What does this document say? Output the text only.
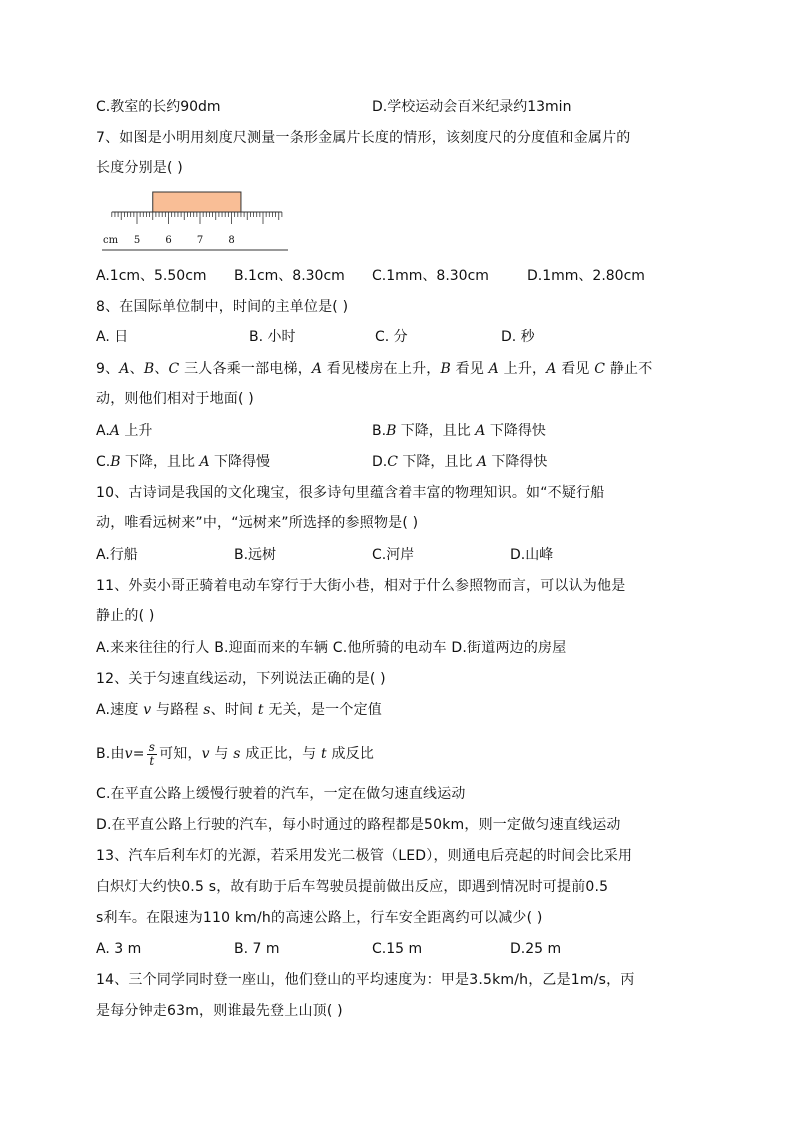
C.教室的长约90dm	D.学校运动会百米纪录约13min
7、如图是小明用刻度尺测量一条形金属片长度的情形，该刻度尺的分度值和金属片的
长度分别是( )
cm 5	6	7	8
A.1cm、5.50cm B.1cm、8.30cm C.1mm、8.30cm	D.1mm、2.80cm
8、在国际单位制中，时间的主单位是( )
A. 日	B. 小时	C. 分	D. 秒
9、A、B、C 三人各乘一部电梯，A 看见楼房在上升，B 看见 A 上升，A 看见 C 静止不
动，则他们相对于地面( )
A.A 上升	B.B 下降，且比 A 下降得快
C.B 下降，且比 A 下降得慢	D.C 下降，且比 A 下降得快
10、古诗词是我国的文化瑰宝，很多诗句里蕴含着丰富的物理知识。如“不疑行船
动，唯看远树来”中，“远树来”所选择的参照物是( )
A.行船	B.远树	C.河岸	D.山峰
11、外卖小哥正骑着电动车穿行于大街小巷，相对于什么参照物而言，可以认为他是
静止的( )
A.来来往往的行人 B.迎面而来的车辆 C.他所骑的电动车 D.街道两边的房屋
12、关于匀速直线运动，下列说法正确的是( )
A.速度 v 与路程 s、时间 t 无关，是一个定值
B.由$v= \frac{s}{t}$ 可知，v 与 s 成正比，与 t 成反比
C.在平直公路上缓慢行驶着的汽车，一定在做匀速直线运动
D.在平直公路上行驶的汽车，每小时通过的路程都是50km，则一定做匀速直线运动
13、汽车后利车灯的光源，若采用发光二极管（LED），则通电后亮起的时间会比采用
白炽灯大约快0.5 s，故有助于后车驾驶员提前做出反应，即遇到情况时可提前0.5
s利车。在限速为110 km/h的高速公路上，行车安全距离约可以减少( )
A. 3 m	B. 7 m	C.15 m	D.25 m
14、三个同学同时登一座山，他们登山的平均速度为：甲是3.5km/h，乙是1m/s，丙
是每分钟走63m，则谁最先登上山顶( )
